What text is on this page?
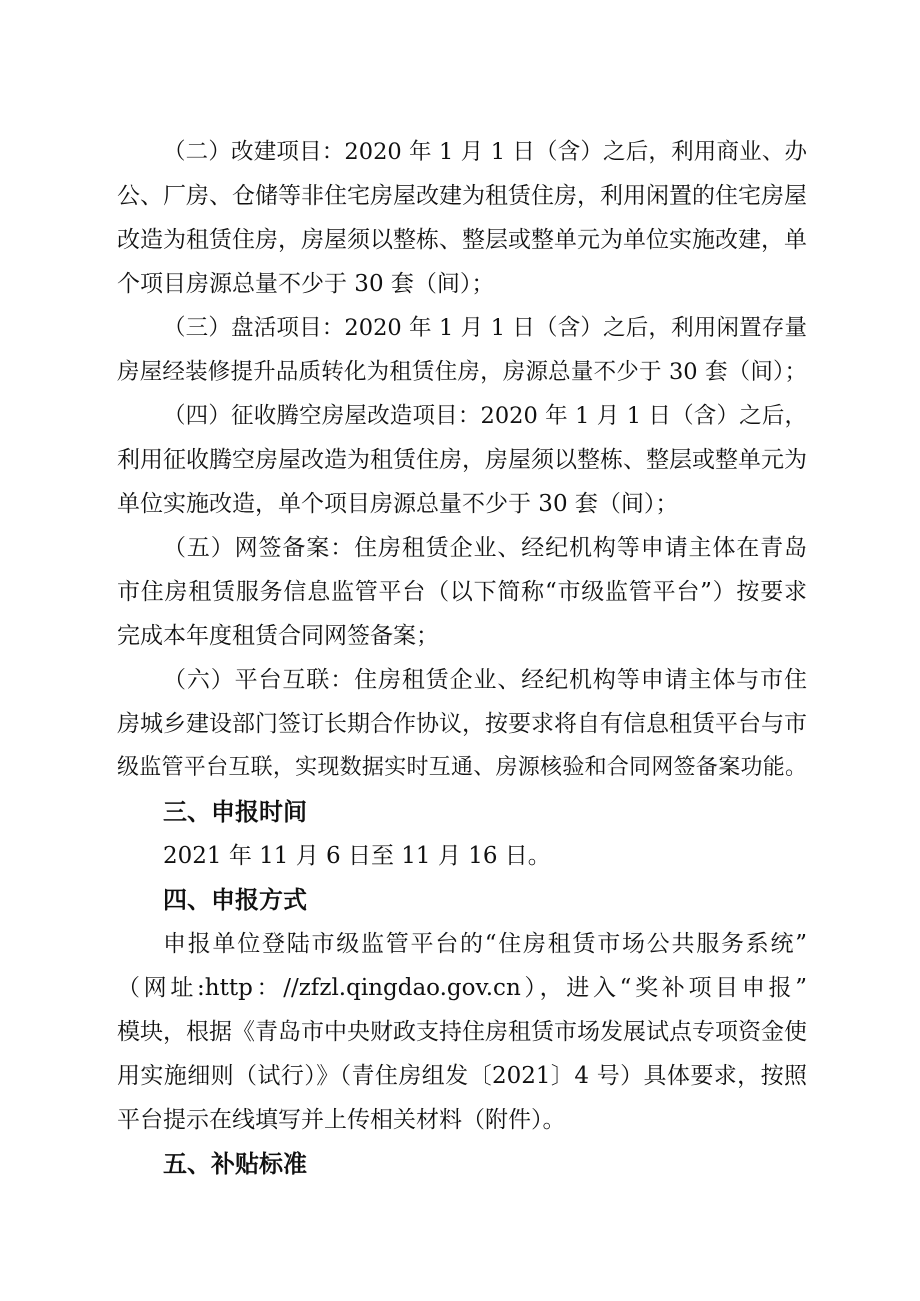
（二）改建项目：2020 年 1 月 1 日（含）之后，利用商业、办
公、厂房、仓储等非住宅房屋改建为租赁住房，利用闲置的住宅房屋
改造为租赁住房，房屋须以整栋、整层或整单元为单位实施改建，单
个项目房源总量不少于 30 套（间）；
（三）盘活项目：2020 年 1 月 1 日（含）之后，利用闲置存量
房屋经装修提升品质转化为租赁住房，房源总量不少于 30 套（间）；
（四）征收腾空房屋改造项目：2020 年 1 月 1 日（含）之后，
利用征收腾空房屋改造为租赁住房，房屋须以整栋、整层或整单元为
单位实施改造，单个项目房源总量不少于 30 套（间）；
（五）网签备案：住房租赁企业、经纪机构等申请主体在青岛
市住房租赁服务信息监管平台（以下简称“市级监管平台”）按要求
完成本年度租赁合同网签备案；
（六）平台互联：住房租赁企业、经纪机构等申请主体与市住
房城乡建设部门签订长期合作协议，按要求将自有信息租赁平台与市
级监管平台互联，实现数据实时互通、房源核验和合同网签备案功能。
三、申报时间
2021 年 11 月 6 日至 11 月 16 日。
四、申报方式
申报单位登陆市级监管平台的“住房租赁市场公共服务系统”
（网址:http：//zfzl.qingdao.gov.cn），进入“奖补项目申报”
模块，根据《青岛市中央财政支持住房租赁市场发展试点专项资金使
用实施细则（试行）》（青住房组发〔2021〕4 号）具体要求，按照
平台提示在线填写并上传相关材料（附件）。
五、补贴标准
